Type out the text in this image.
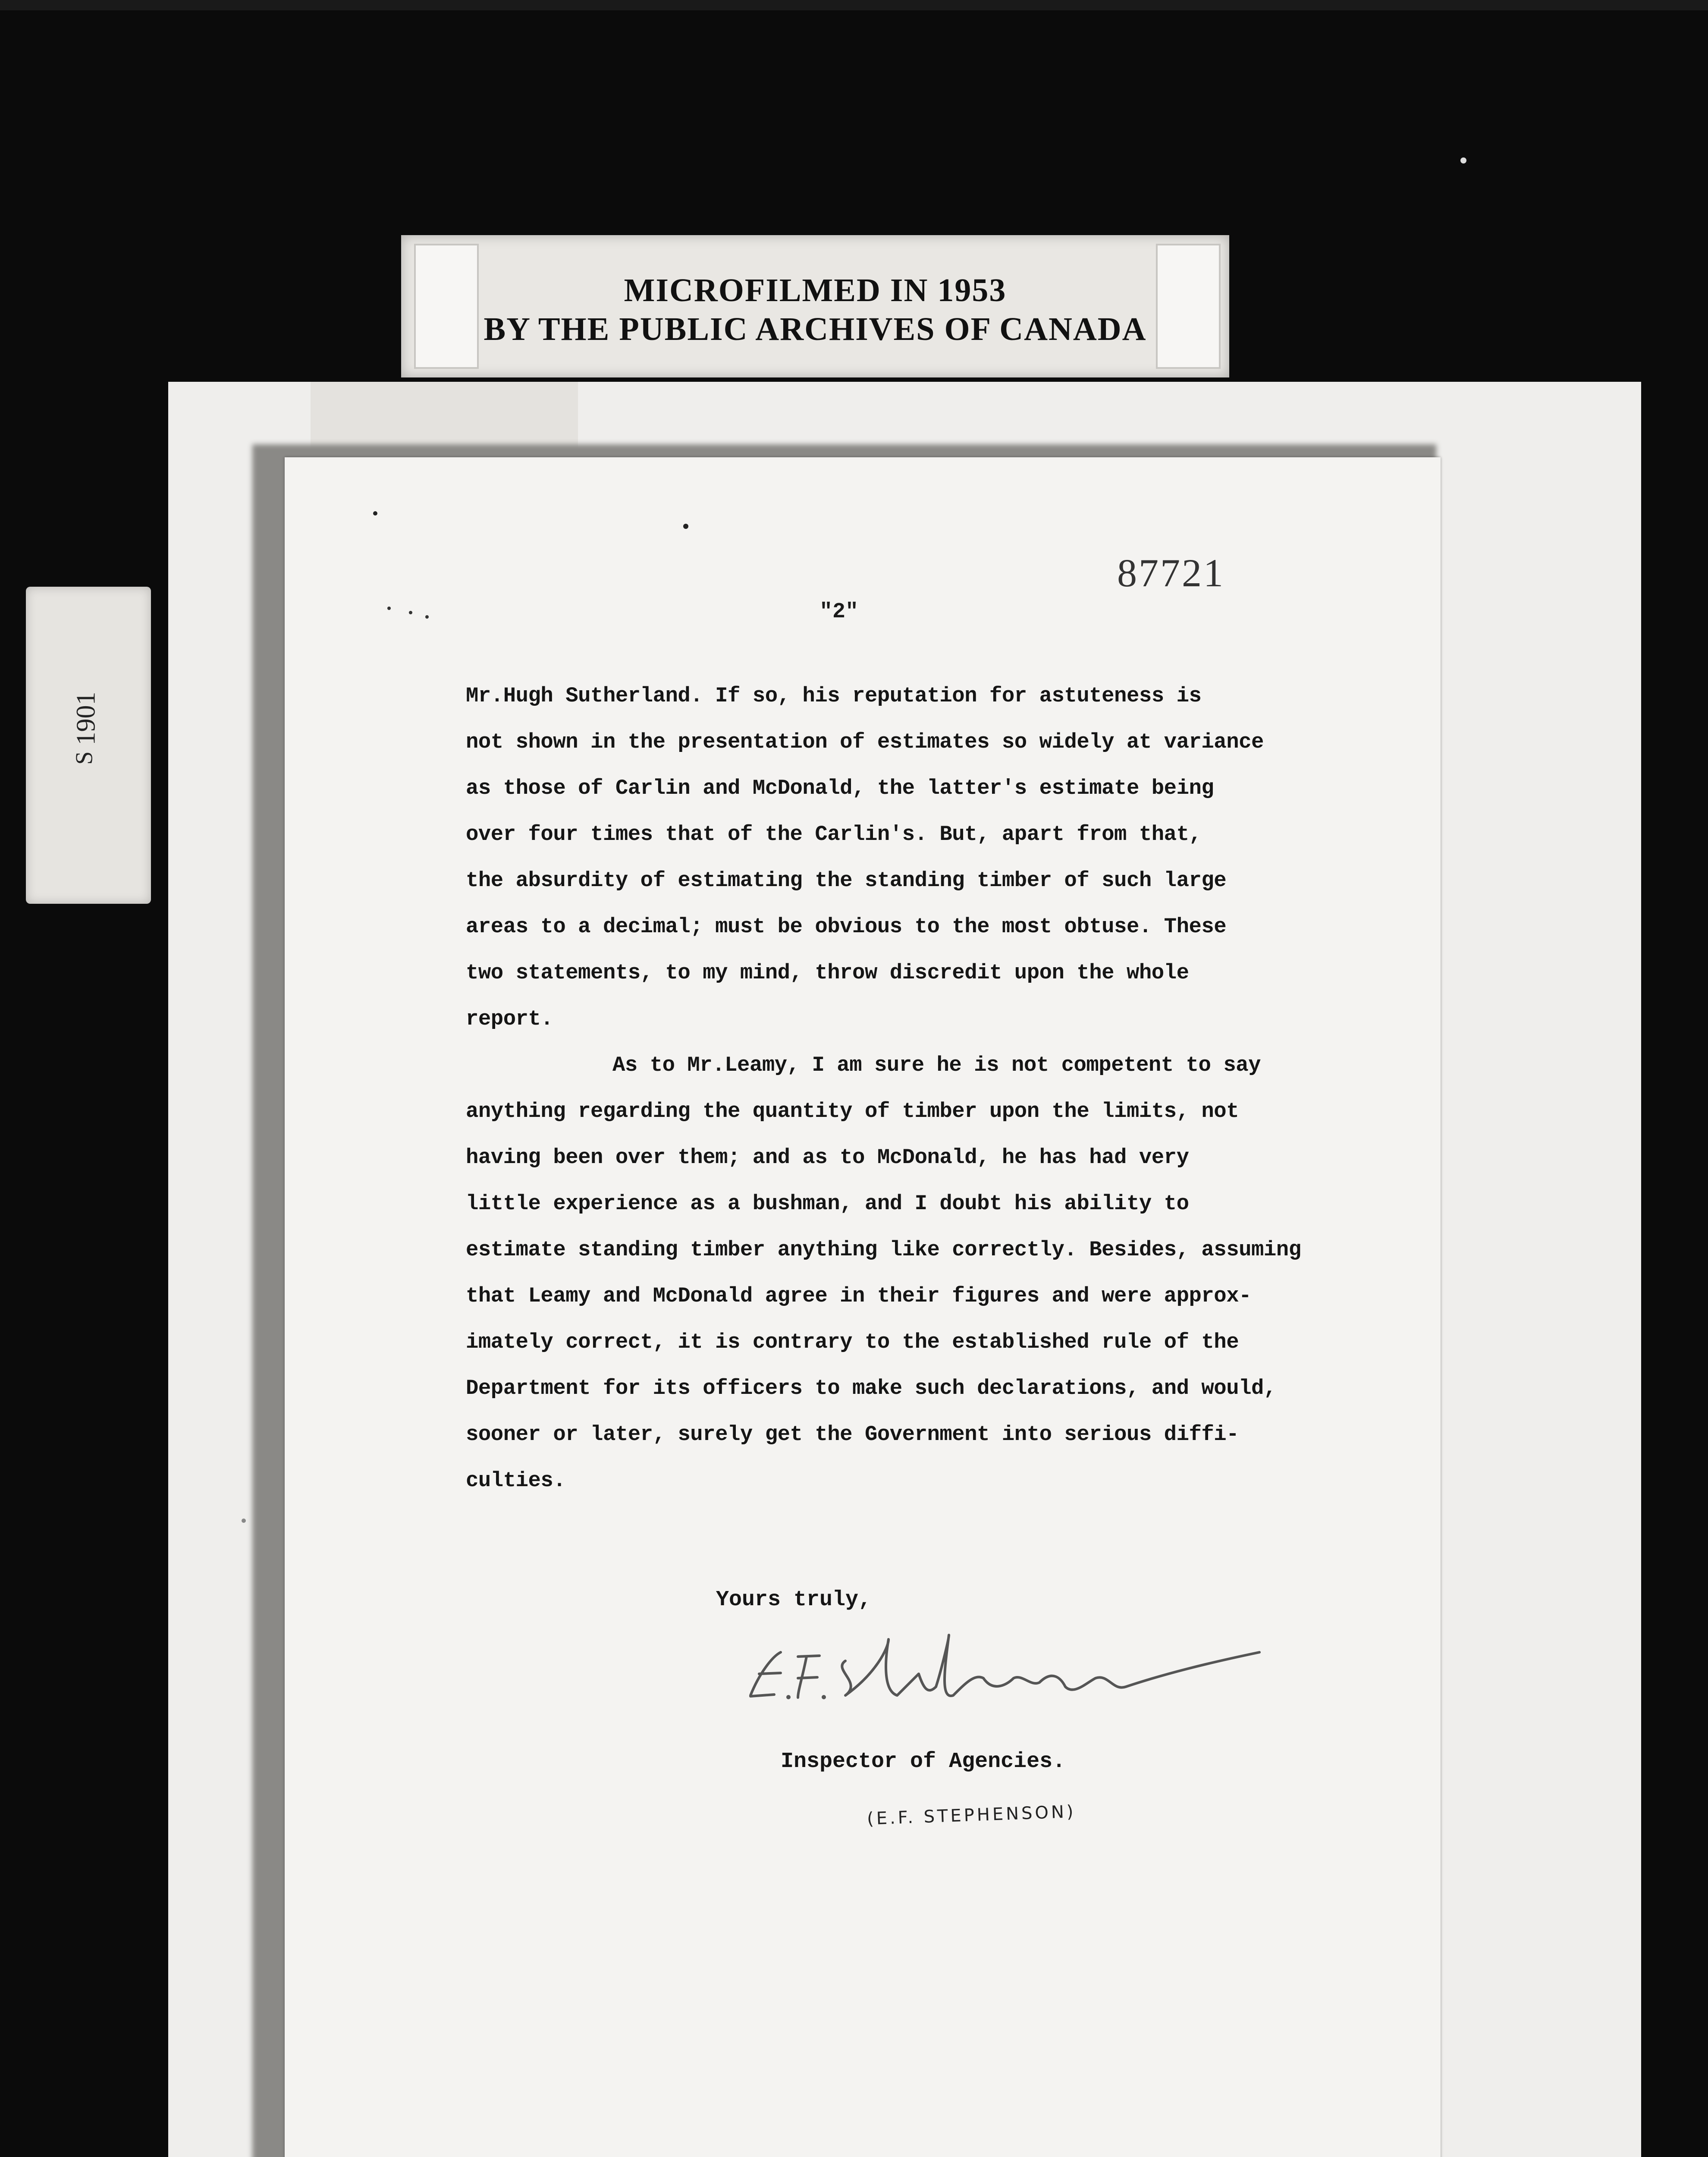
MICROFILMED IN 1953
BY THE PUBLIC ARCHIVES OF CANADA
1901
S
87721
"2"
Mr.Hugh Sutherland. If so, his reputation for astuteness is
not shown in the presentation of estimates so widely at variance
as those of Carlin and McDonald, the latter's estimate being
over four times that of the Carlin's. But, apart from that,
the absurdity of estimating the standing timber of such large
areas to a decimal; must be obvious to the most obtuse. These
two statements, to my mind, throw discredit upon the whole
report.
As to Mr.Leamy, I am sure he is not competent to say
anything regarding the quantity of timber upon the limits, not
having been over them; and as to McDonald, he has had very
little experience as a bushman, and I doubt his ability to
estimate standing timber anything like correctly. Besides, assuming
that Leamy and McDonald agree in their figures and were approx-
imately correct, it is contrary to the established rule of the
Department for its officers to make such declarations, and would,
sooner or later, surely get the Government into serious diffi-
culties.
Yours truly,
Inspector of Agencies.
(E.F. STEPHENSON)
